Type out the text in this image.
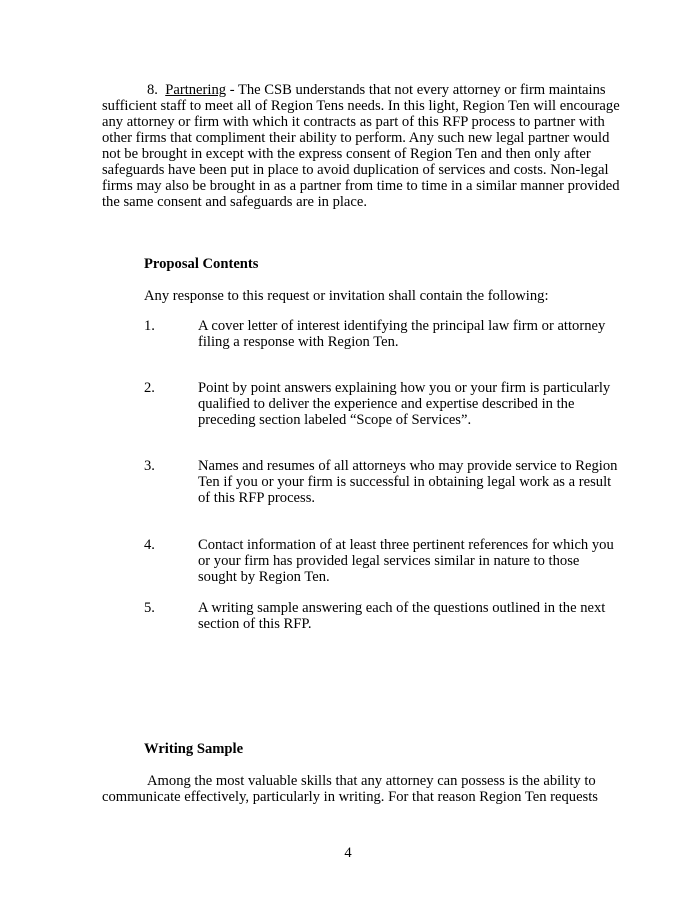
8. Partnering - The CSB understands that not every attorney or firm maintains
sufficient staff to meet all of Region Tens needs. In this light, Region Ten will encourage
any attorney or firm with which it contracts as part of this RFP process to partner with
other firms that compliment their ability to perform. Any such new legal partner would
not be brought in except with the express consent of Region Ten and then only after
safeguards have been put in place to avoid duplication of services and costs. Non-legal
firms may also be brought in as a partner from time to time in a similar manner provided
the same consent and safeguards are in place.
Proposal Contents
Any response to this request or invitation shall contain the following:
1.	A cover letter of interest identifying the principal law firm or attorney
filing a response with Region Ten.
2.	Point by point answers explaining how you or your firm is particularly
qualified to deliver the experience and expertise described in the
preceding section labeled “Scope of Services”.
3.	Names and resumes of all attorneys who may provide service to Region
Ten if you or your firm is successful in obtaining legal work as a result
of this RFP process.
4.	Contact information of at least three pertinent references for which you
or your firm has provided legal services similar in nature to those
sought by Region Ten.
5.	A writing sample answering each of the questions outlined in the next
section of this RFP.
Writing Sample
Among the most valuable skills that any attorney can possess is the ability to
communicate effectively, particularly in writing. For that reason Region Ten requests
4
